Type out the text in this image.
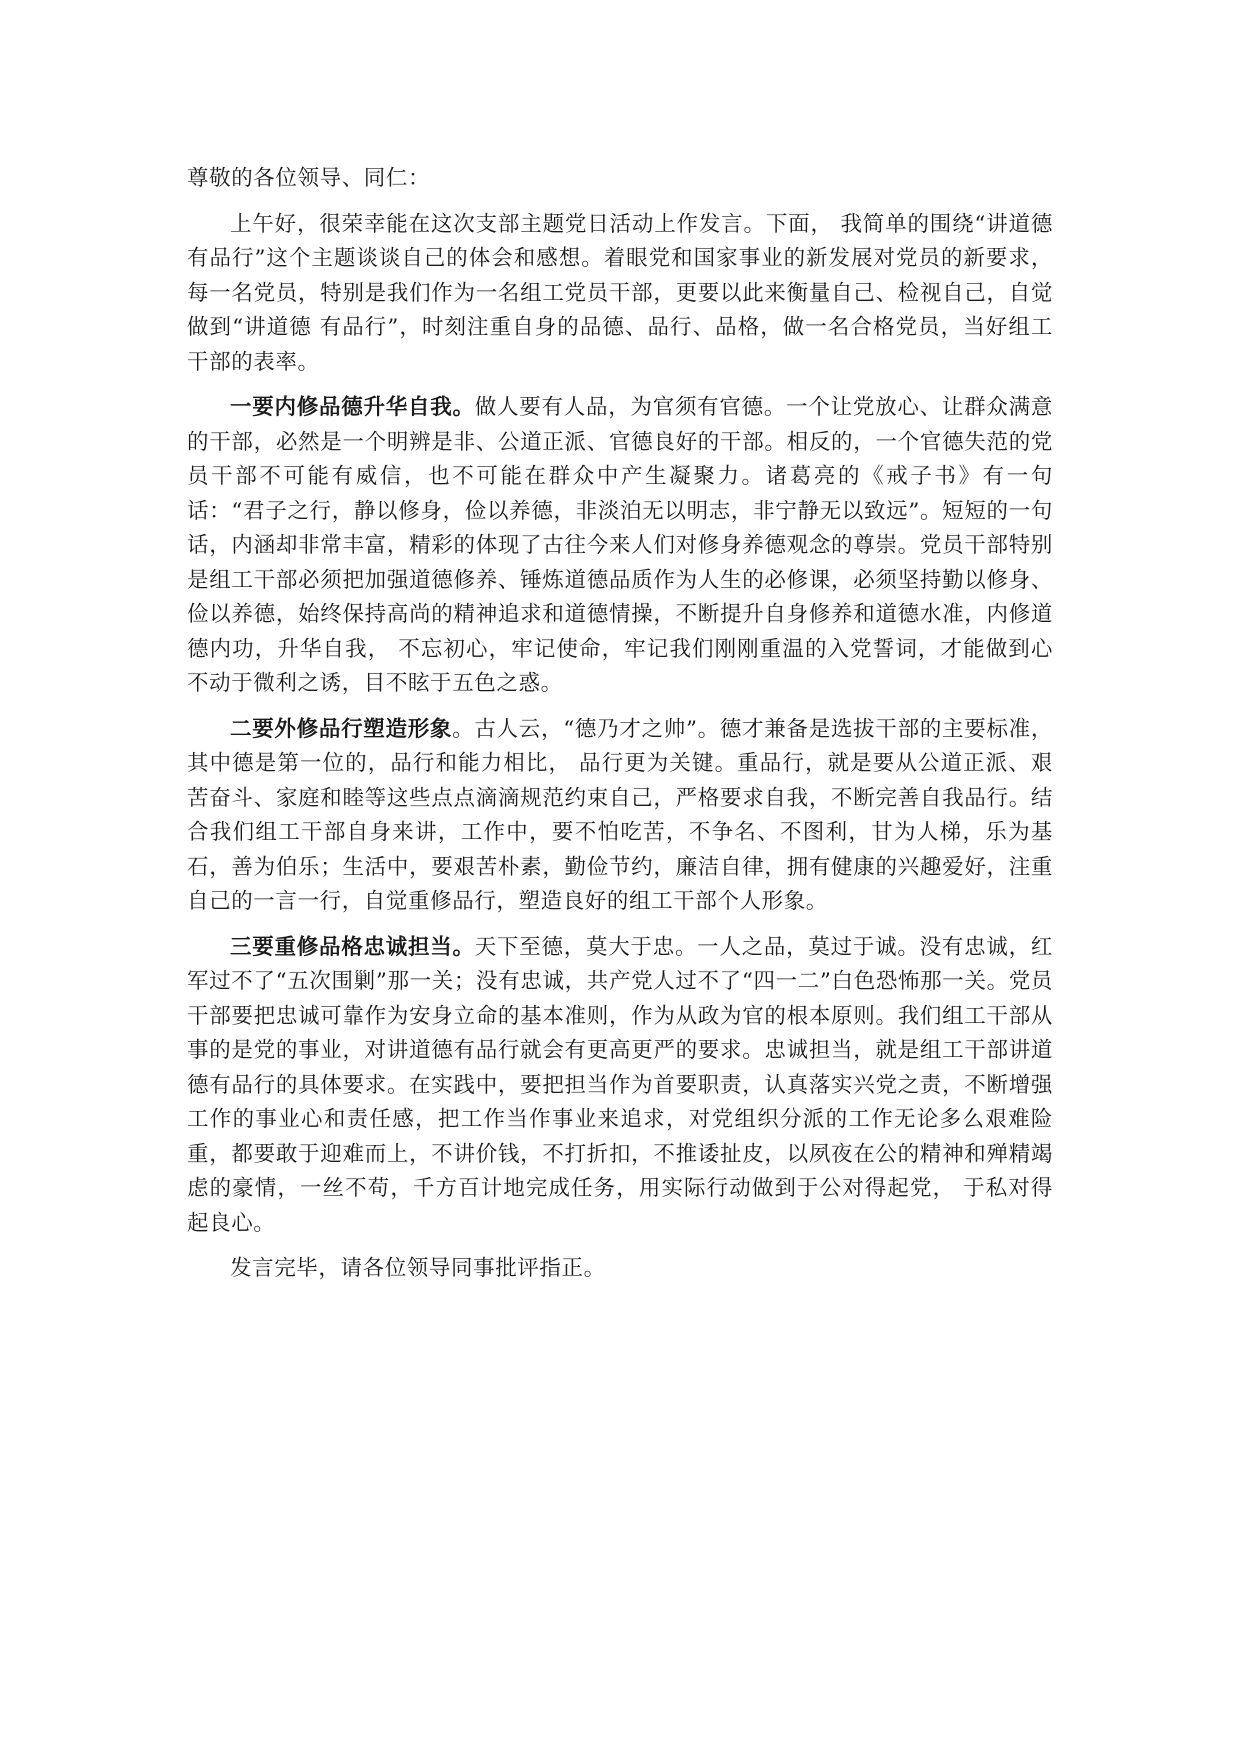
尊敬的各位领导、同仁：

上午好，很荣幸能在这次支部主题党日活动上作发言。下面， 我简单的围绕“讲道德 有品行”这个主题谈谈自己的体会和感想。着眼党和国家事业的新发展对党员的新要求，每一名党员，特别是我们作为一名组工党员干部，更要以此来衡量自己、检视自己，自觉做到“讲道德 有品行”，时刻注重自身的品德、品行、品格，做一名合格党员，当好组工干部的表率。

一要内修品德升华自我。做人要有人品，为官须有官德。一个让党放心、让群众满意的干部，必然是一个明辨是非、公道正派、官德良好的干部。相反的，一个官德失范的党员干部不可能有威信，也不可能在群众中产生凝聚力。诸葛亮的《戒子书》有一句话：“君子之行，静以修身，俭以养德，非淡泊无以明志，非宁静无以致远”。短短的一句话，内涵却非常丰富，精彩的体现了古往今来人们对修身养德观念的尊崇。党员干部特别是组工干部必须把加强道德修养、锤炼道德品质作为人生的必修课，必须坚持勤以修身、俭以养德，始终保持高尚的精神追求和道德情操，不断提升自身修养和道德水准，内修道德内功，升华自我， 不忘初心，牢记使命，牢记我们刚刚重温的入党誓词，才能做到心不动于微利之诱，目不眩于五色之惑。

二要外修品行塑造形象。古人云，“德乃才之帅”。德才兼备是选拔干部的主要标准，其中德是第一位的，品行和能力相比， 品行更为关键。重品行，就是要从公道正派、艰苦奋斗、家庭和睦等这些点点滴滴规范约束自己，严格要求自我，不断完善自我品行。结合我们组工干部自身来讲，工作中，要不怕吃苦，不争名、不图利，甘为人梯，乐为基石，善为伯乐；生活中，要艰苦朴素，勤俭节约，廉洁自律，拥有健康的兴趣爱好，注重自己的一言一行，自觉重修品行，塑造良好的组工干部个人形象。

三要重修品格忠诚担当。天下至德，莫大于忠。一人之品，莫过于诚。没有忠诚，红军过不了“五次围剿”那一关；没有忠诚，共产党人过不了“四一二”白色恐怖那一关。党员干部要把忠诚可靠作为安身立命的基本准则，作为从政为官的根本原则。我们组工干部从事的是党的事业，对讲道德有品行就会有更高更严的要求。忠诚担当，就是组工干部讲道德有品行的具体要求。在实践中，要把担当作为首要职责，认真落实兴党之责，不断增强工作的事业心和责任感，把工作当作事业来追求，对党组织分派的工作无论多么艰难险重，都要敢于迎难而上，不讲价钱，不打折扣，不推诿扯皮，以夙夜在公的精神和殚精竭虑的豪情，一丝不苟，千方百计地完成任务，用实际行动做到于公对得起党， 于私对得起良心。

发言完毕，请各位领导同事批评指正。
